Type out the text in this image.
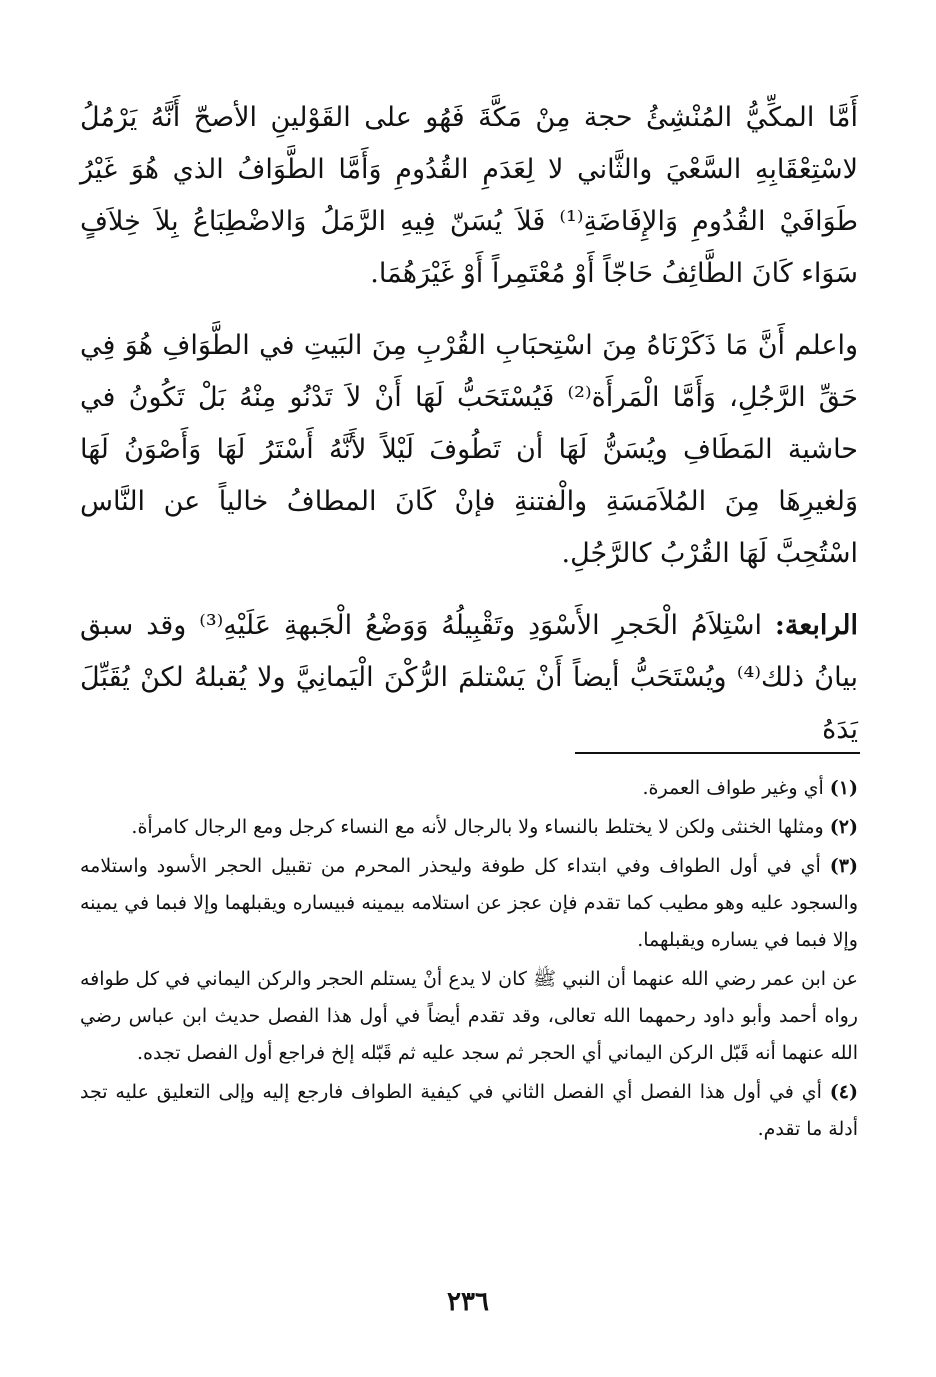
أَمَّا المكِّيُّ المُنْشِئُ حجة مِنْ مَكَّةَ فَهُو على القَوْلينِ الأصحّ أَنَّهُ يَرْمُلُ لاسْتِعْقَابِهِ السَّعْيَ والثَّاني لا لِعَدَمِ القُدُومِ وَأَمَّا الطَّوَافُ الذي هُوَ غَيْرُ طَوَافَيْ القُدُومِ وَالإِفَاضَةِ⁽¹⁾ فَلاَ يُسَنّ فِيهِ الرَّمَلُ وَالاضْطِبَاعُ بِلاَ خِلاَفٍ سَوَاء كَانَ الطَّائِفُ حَاجّاً أَوْ مُعْتَمِراً أَوْ غَيْرَهُمَا.

واعلم أَنَّ مَا ذَكَرْنَاهُ مِنَ اسْتِحبَابِ القُرْبِ مِنَ البَيتِ في الطَّوَافِ هُوَ فِي حَقِّ الرَّجُلِ، وَأَمَّا الْمَرأَة⁽²⁾ فَيُسْتَحَبُّ لَهَا أَنْ لاَ تَدْنُو مِنْهُ بَلْ تَكُونُ في حاشية المَطَافِ ويُسَنُّ لَهَا أن تَطُوفَ لَيْلاً لأَنَّهُ أَسْتَرُ لَهَا وَأَصْوَنُ لَهَا وَلغيرِهَا مِنَ المُلاَمَسَةِ والْفتنةِ فإنْ كَانَ المطافُ خالياً عن النَّاس اسْتُحِبَّ لَهَا القُرْبُ كالرَّجُلِ.

الرابعة: اسْتِلاَمُ الْحَجرِ الأَسْوَدِ وتَقْبِيلُهُ وَوَضْعُ الْجَبهةِ عَلَيْهِ⁽³⁾ وقد سبق بيانُ ذلك⁽⁴⁾ ويُسْتَحَبُّ أيضاً أَنْ يَسْتلمَ الرُّكْنَ الْيَمانِيَّ ولا يُقبلهُ لكنْ يُقَبِّلَ يَدَهُ

(١) أي وغير طواف العمرة.

(٢) ومثلها الخنثى ولكن لا يختلط بالنساء ولا بالرجال لأنه مع النساء كرجل ومع الرجال كامرأة.

(٣) أي في أول الطواف وفي ابتداء كل طوفة وليحذر المحرم من تقبيل الحجر الأسود واستلامه والسجود عليه وهو مطيب كما تقدم فإن عجز عن استلامه بيمينه فبيساره ويقبلهما وإلا فبما في يمينه وإلا فبما في يساره ويقبلهما.

عن ابن عمر رضي الله عنهما أن النبي ﷺ كان لا يدع أنْ يستلم الحجر والركن اليماني في كل طوافه رواه أحمد وأبو داود رحمهما الله تعالى، وقد تقدم أيضاً في أول هذا الفصل حديث ابن عباس رضي الله عنهما أنه قَبّل الركن اليماني أي الحجر ثم سجد عليه ثم قَبّله إلخ فراجع أول الفصل تجده.

(٤) أي في أول هذا الفصل أي الفصل الثاني في كيفية الطواف فارجع إليه وإلى التعليق عليه تجد أدلة ما تقدم.

٢٣٦
